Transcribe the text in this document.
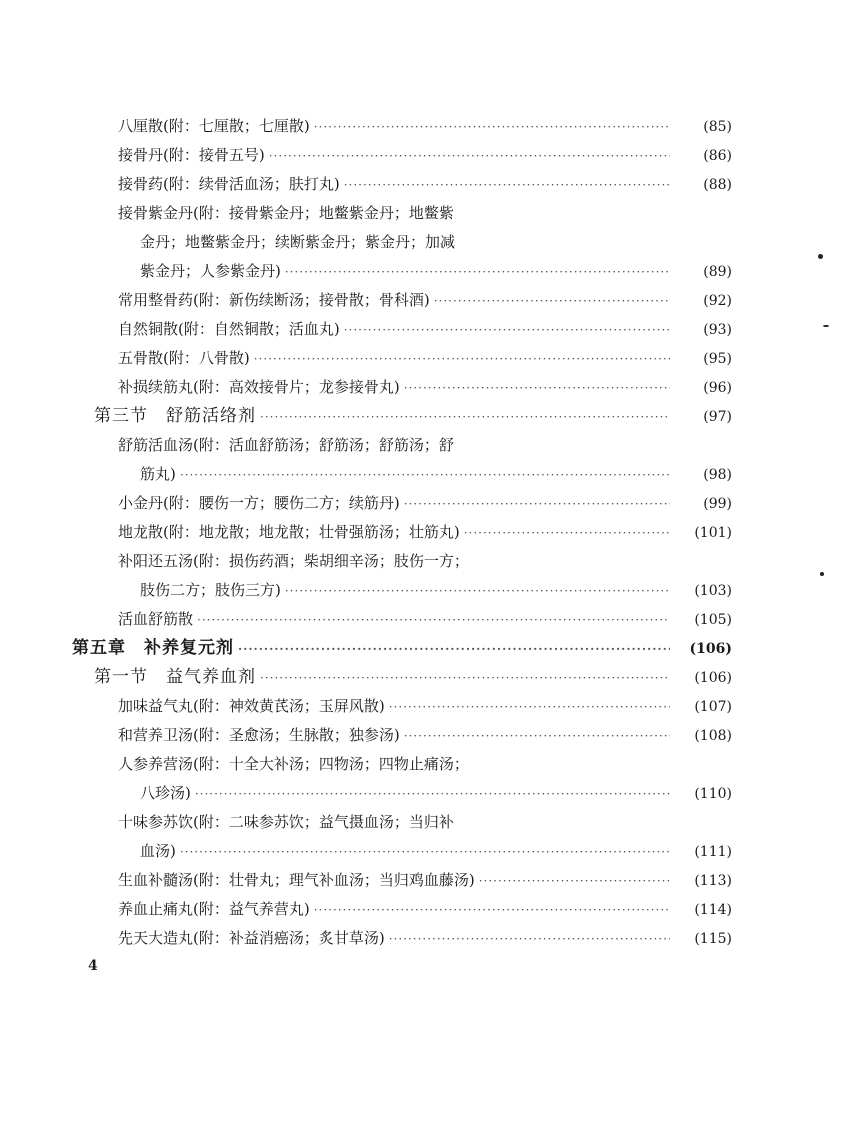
八厘散(附：七厘散；七厘散) ·····	(85)
接骨丹(附：接骨五号) ·····	(86)
接骨药(附：续骨活血汤；肤打丸) ·····	(88)
接骨紫金丹(附：接骨紫金丹；地鳖紫金丹；地鳖紫
金丹；地鳖紫金丹；续断紫金丹；紫金丹；加减
紫金丹；人参紫金丹) ·····	(89)
常用整骨药(附：新伤续断汤；接骨散；骨科酒) ·····	(92)
自然铜散(附：自然铜散；活血丸) ·····	(93)
五骨散(附：八骨散) ·····	(95)
补损续筋丸(附：高效接骨片；龙参接骨丸) ·····	(96)
第三节　舒筋活络剂 ·····	(97)
舒筋活血汤(附：活血舒筋汤；舒筋汤；舒筋汤；舒
筋丸) ·····	(98)
小金丹(附：腰伤一方；腰伤二方；续筋丹) ·····	(99)
地龙散(附：地龙散；地龙散；壮骨强筋汤；壮筋丸) ·····	(101)
补阳还五汤(附：损伤药酒；柴胡细辛汤；肢伤一方；
肢伤二方；肢伤三方) ·····	(103)
活血舒筋散 ·····	(105)
第五章　补养复元剂 ·····	(106)
第一节　益气养血剂 ·····	(106)
加味益气丸(附：神效黄芪汤；玉屏风散) ·····	(107)
和营养卫汤(附：圣愈汤；生脉散；独参汤) ·····	(108)
人参养营汤(附：十全大补汤；四物汤；四物止痛汤；
八珍汤) ·····	(110)
十味参苏饮(附：二味参苏饮；益气摄血汤；当归补
血汤) ·····	(111)
生血补髓汤(附：壮骨丸；理气补血汤；当归鸡血藤汤) ·····	(113)
养血止痛丸(附：益气养营丸) ·····	(114)
先天大造丸(附：补益消癌汤；炙甘草汤) ·····	(115)
4
